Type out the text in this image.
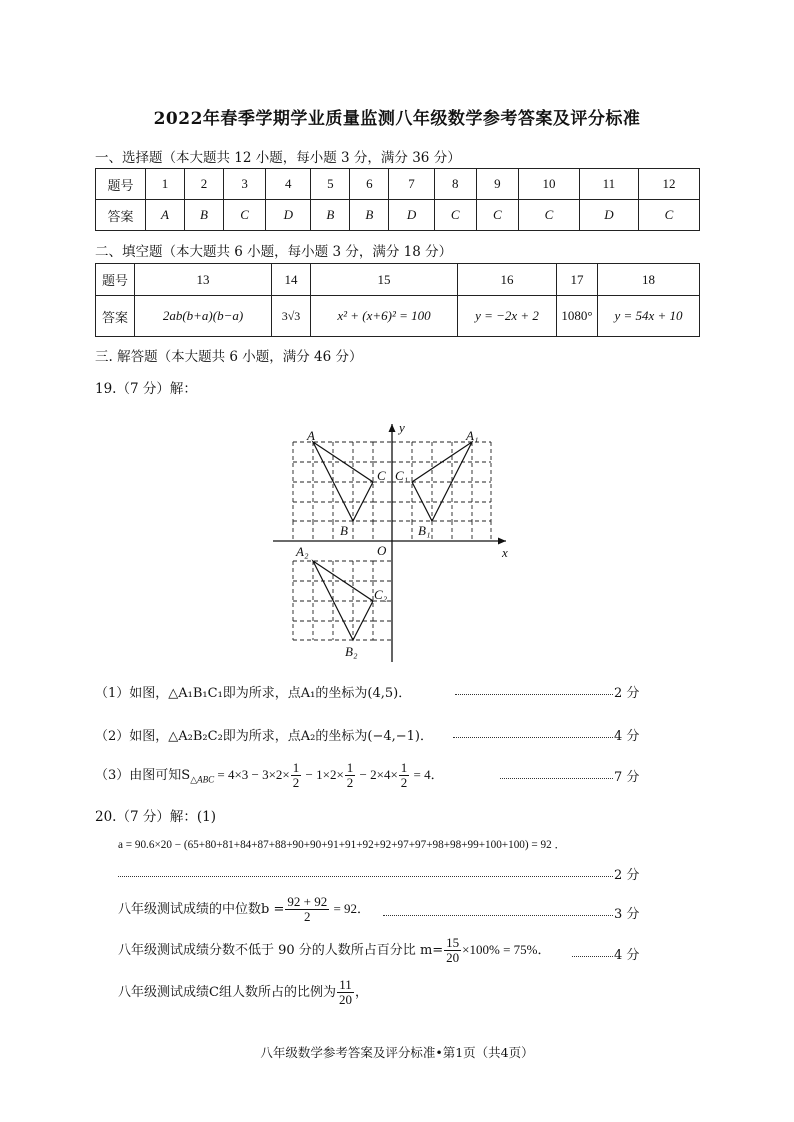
2022年春季学期学业质量监测八年级数学参考答案及评分标准
一、选择题（本大题共 12 小题，每小题 3 分，满分 36 分）
题号	1	2	3	4	5	6	7	8	9	10	11	12
答案	A	B	C	D	B	B	D	C	C	C	D	C
二、填空题（本大题共 6 小题，每小题 3 分，满分 18 分）
题号	13	14	15	16	17	18
答案	2ab(b+a)(b−a)	3√3	x² + (x+6)² = 100	y = −2x + 2	1080°	y = 54x + 10
三. 解答题（本大题共 6 小题，满分 46 分）
19.（7 分）解：
y
x
O
A
B
C
A₁
B₁
C₁
A₂
B₂
C₂
（1）如图，△A₁B₁C₁即为所求，点A₁的坐标为(4,5)．	2 分
（2）如图，△A₂B₂C₂即为所求，点A₂的坐标为(−4,−1)．	4 分
（3）由图可知$S_{\triangle ABC} = 4\times 3 - 3\times 2\times \frac{1}{2} - 1\times 2\times \frac{1}{2} - 2\times 4\times \frac{1}{2} = 4$．	7 分
20.（7 分）解：(1)
a = 90.6×20 − (65+80+81+84+87+88+90+90+91+91+92+92+97+97+98+98+99+100+100) = 92 ．
2 分
八年级测试成绩的中位数$b = \frac{92 + 92}{2} = 92$．	3 分
八年级测试成绩分数不低于 90 分的人数所占百分比 $m= \frac{15}{20} \times 100\% = 75\%$．	4 分
八年级测试成绩C组人数所占的比例为 $\frac{11}{20}$ ，
八年级数学参考答案及评分标准•第1页（共4页）
